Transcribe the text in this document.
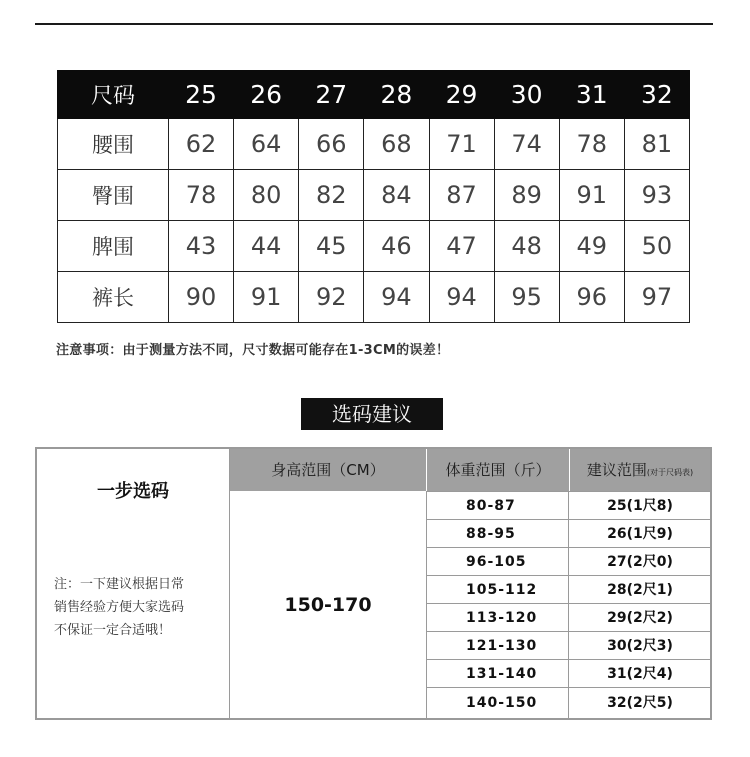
尺码	25	26	27	28	29	30	31	32
腰围	62	64	66	68	71	74	78	81
臀围	78	80	82	84	87	89	91	93
脾围	43	44	45	46	47	48	49	50
裤长	90	91	92	94	94	95	96	97
注意事项：由于测量方法不同，尺寸数据可能存在1-3CM的误差！
选码建议
一步选码
注：一下建议根据日常
销售经验方便大家选码
不保证一定合适哦！
身高范围（CM）	体重范围（斤）	建议范围(对于尺码表)
150-170
80-87	25(1尺8)
88-95	26(1尺9)
96-105	27(2尺0)
105-112	28(2尺1)
113-120	29(2尺2)
121-130	30(2尺3)
131-140	31(2尺4)
140-150	32(2尺5)
